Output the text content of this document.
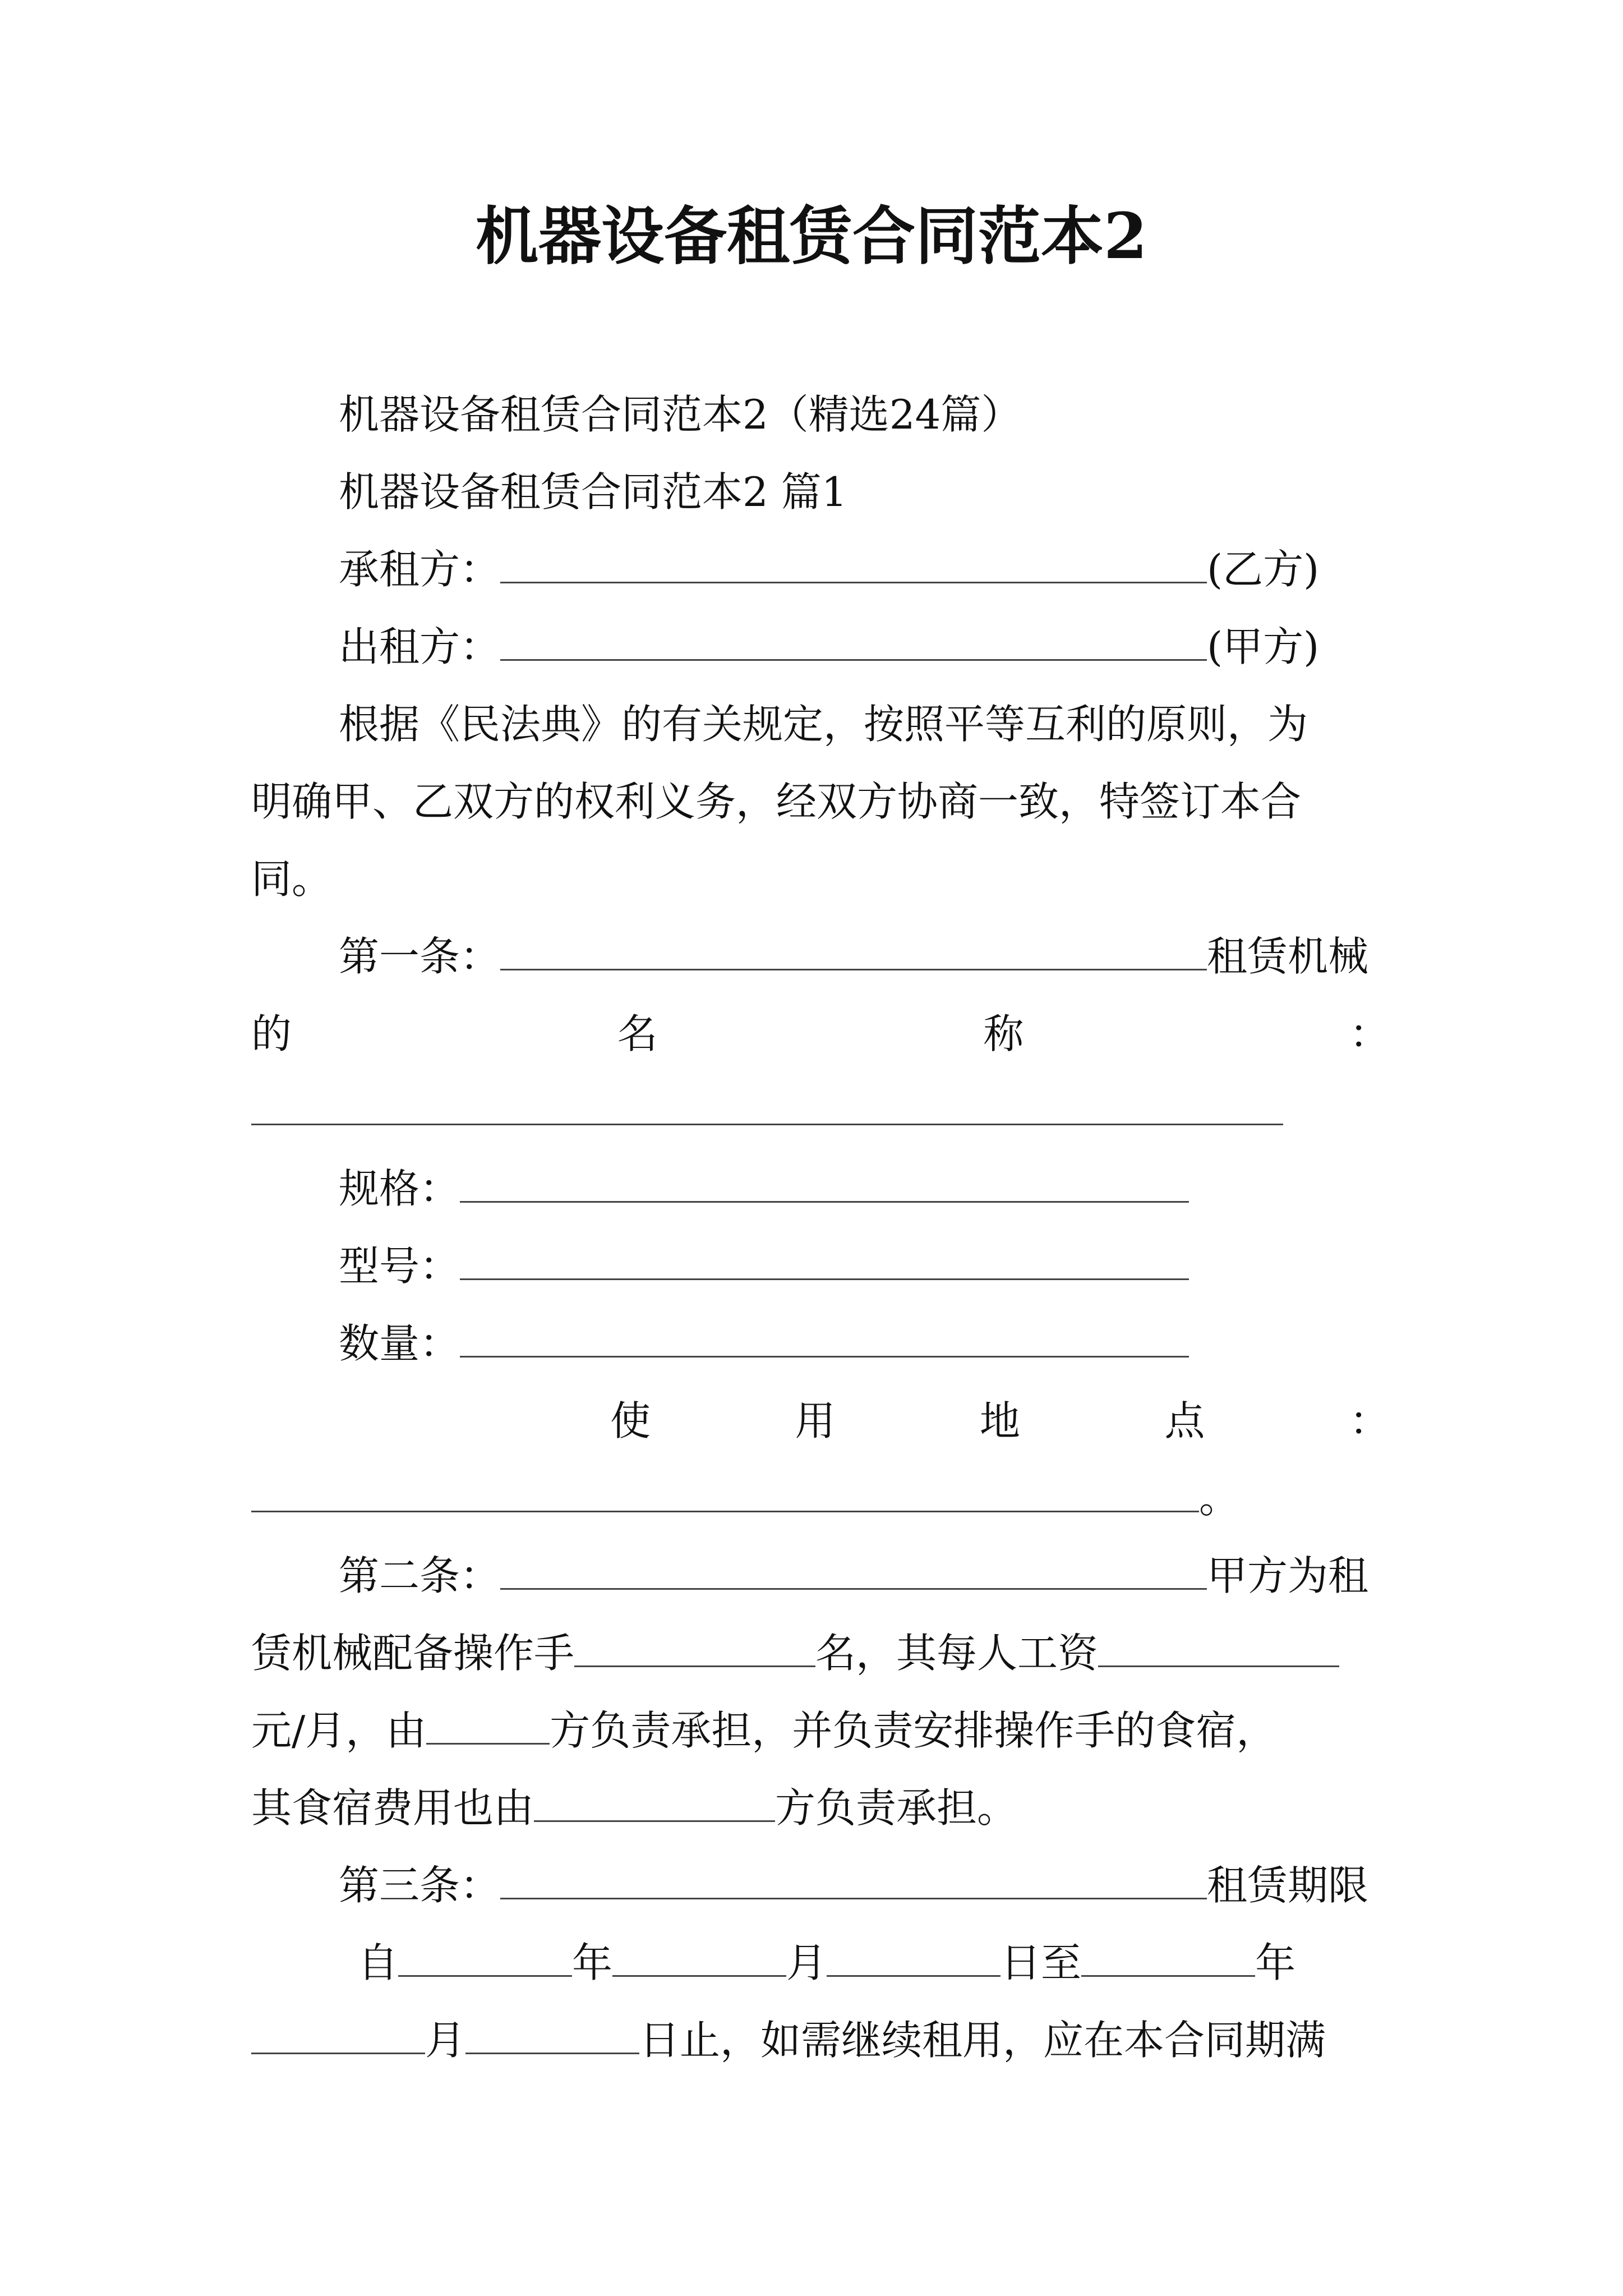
机器设备租赁合同范本2
机器设备租赁合同范本2（精选24篇）
机器设备租赁合同范本2 篇1
承租方：	(乙方)
出租方：	(甲方)
根据《民法典》的有关规定，按照平等互利的原则，为
明确甲、乙双方的权利义务，经双方协商一致，特签订本合
同。
第一条：	租赁机械
的	名	称	：
规格：
型号：
数量：
使	用	地	点	：
。
第二条：	甲方为租
赁机械配备操作手	名，其每人工资
元/月，由	方负责承担，并负责安排操作手的食宿，
其食宿费用也由	方负责承担。
第三条：	租赁期限
自	年	月	日至	年
月	日止，如需继续租用，应在本合同期满
